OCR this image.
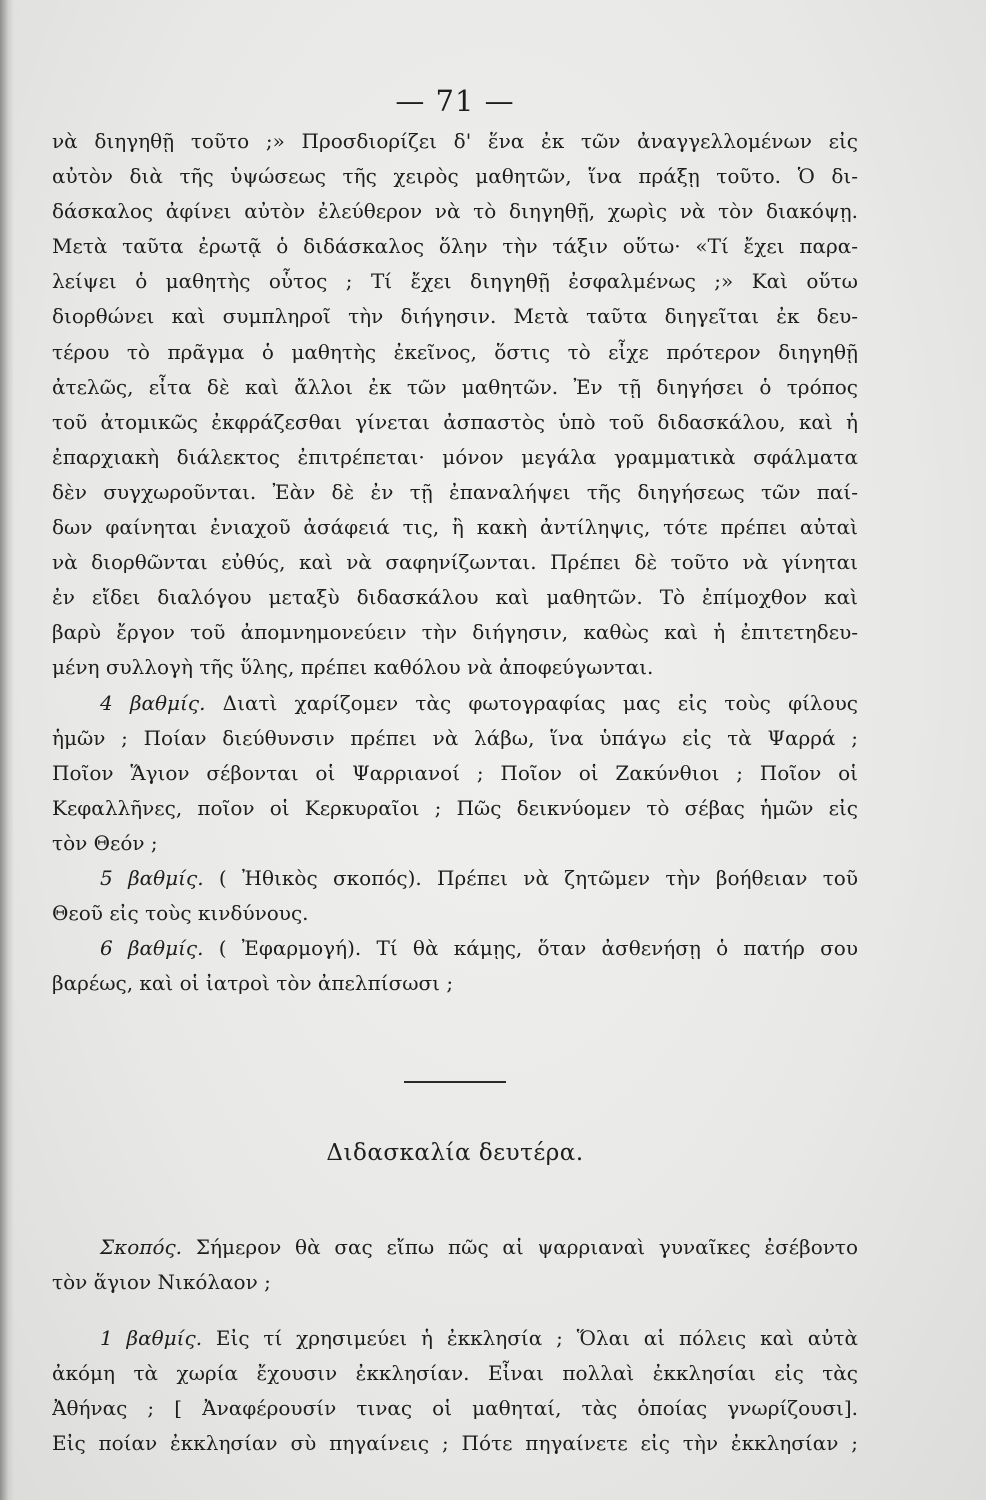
— 71 —

νὰ διηγηθῇ τοῦτο ;» Προσδιορίζει δ' ἕνα ἐκ τῶν ἀναγγελλομένων εἰς
αὐτὸν διὰ τῆς ὑψώσεως τῆς χειρὸς μαθητῶν, ἵνα πράξῃ τοῦτο. Ὁ δι-
δάσκαλος ἀφίνει αὐτὸν ἐλεύθερον νὰ τὸ διηγηθῇ, χωρὶς νὰ τὸν διακόψῃ.
Μετὰ ταῦτα ἐρωτᾷ ὁ διδάσκαλος ὅλην τὴν τάξιν οὕτω· «Τί ἔχει παρα-
λείψει ὁ μαθητὴς οὗτος ; Τί ἔχει διηγηθῇ ἐσφαλμένως ;» Καὶ οὕτω
διορθώνει καὶ συμπληροῖ τὴν διήγησιν. Μετὰ ταῦτα διηγεῖται ἐκ δευ-
τέρου τὸ πρᾶγμα ὁ μαθητὴς ἐκεῖνος, ὅστις τὸ εἶχε πρότερον διηγηθῇ
ἀτελῶς, εἶτα δὲ καὶ ἄλλοι ἐκ τῶν μαθητῶν. Ἐν τῇ διηγήσει ὁ τρόπος
τοῦ ἀτομικῶς ἐκφράζεσθαι γίνεται ἀσπαστὸς ὑπὸ τοῦ διδασκάλου, καὶ ἡ
ἐπαρχιακὴ διάλεκτος ἐπιτρέπεται· μόνον μεγάλα γραμματικὰ σφάλματα
δὲν συγχωροῦνται. Ἐὰν δὲ ἐν τῇ ἐπαναλήψει τῆς διηγήσεως τῶν παί-
δων φαίνηται ἐνιαχοῦ ἀσάφειά τις, ἢ κακὴ ἀντίληψις, τότε πρέπει αὐταὶ
νὰ διορθῶνται εὐθύς, καὶ νὰ σαφηνίζωνται. Πρέπει δὲ τοῦτο νὰ γίνηται
ἐν εἴδει διαλόγου μεταξὺ διδασκάλου καὶ μαθητῶν. Τὸ ἐπίμοχθον καὶ
βαρὺ ἔργον τοῦ ἀπομνημονεύειν τὴν διήγησιν, καθὼς καὶ ἡ ἐπιτετηδευ-
μένη συλλογὴ τῆς ὕλης, πρέπει καθόλου νὰ ἀποφεύγωνται.

4 βαθμίς. Διατὶ χαρίζομεν τὰς φωτογραφίας μας εἰς τοὺς φίλους
ἡμῶν ; Ποίαν διεύθυνσιν πρέπει νὰ λάβω, ἵνα ὑπάγω εἰς τὰ Ψαρρά ;
Ποῖον Ἅγιον σέβονται οἱ Ψαρριανοί ; Ποῖον οἱ Ζακύνθιοι ; Ποῖον οἱ
Κεφαλλῆνες, ποῖον οἱ Κερκυραῖοι ; Πῶς δεικνύομεν τὸ σέβας ἡμῶν εἰς
τὸν Θεόν ;

5 βαθμίς. ( Ἠθικὸς σκοπός). Πρέπει νὰ ζητῶμεν τὴν βοήθειαν τοῦ
Θεοῦ εἰς τοὺς κινδύνους.

6 βαθμίς. ( Ἐφαρμογή). Τί θὰ κάμῃς, ὅταν ἀσθενήσῃ ὁ πατήρ σου
βαρέως, καὶ οἱ ἰατροὶ τὸν ἀπελπίσωσι ;

Διδασκαλία δευτέρα.

Σκοπός. Σήμερον θὰ σας εἴπω πῶς αἱ ψαρριαναὶ γυναῖκες ἐσέβοντο
τὸν ἅγιον Νικόλαον ;

1 βαθμίς. Εἰς τί χρησιμεύει ἡ ἐκκλησία ; Ὅλαι αἱ πόλεις καὶ αὐτὰ
ἀκόμη τὰ χωρία ἔχουσιν ἐκκλησίαν. Εἶναι πολλαὶ ἐκκλησίαι εἰς τὰς
Ἀθήνας ; [ Ἀναφέρουσίν τινας οἱ μαθηταί, τὰς ὁποίας γνωρίζουσι].
Εἰς ποίαν ἐκκλησίαν σὺ πηγαίνεις ; Πότε πηγαίνετε εἰς τὴν ἐκκλησίαν ;
